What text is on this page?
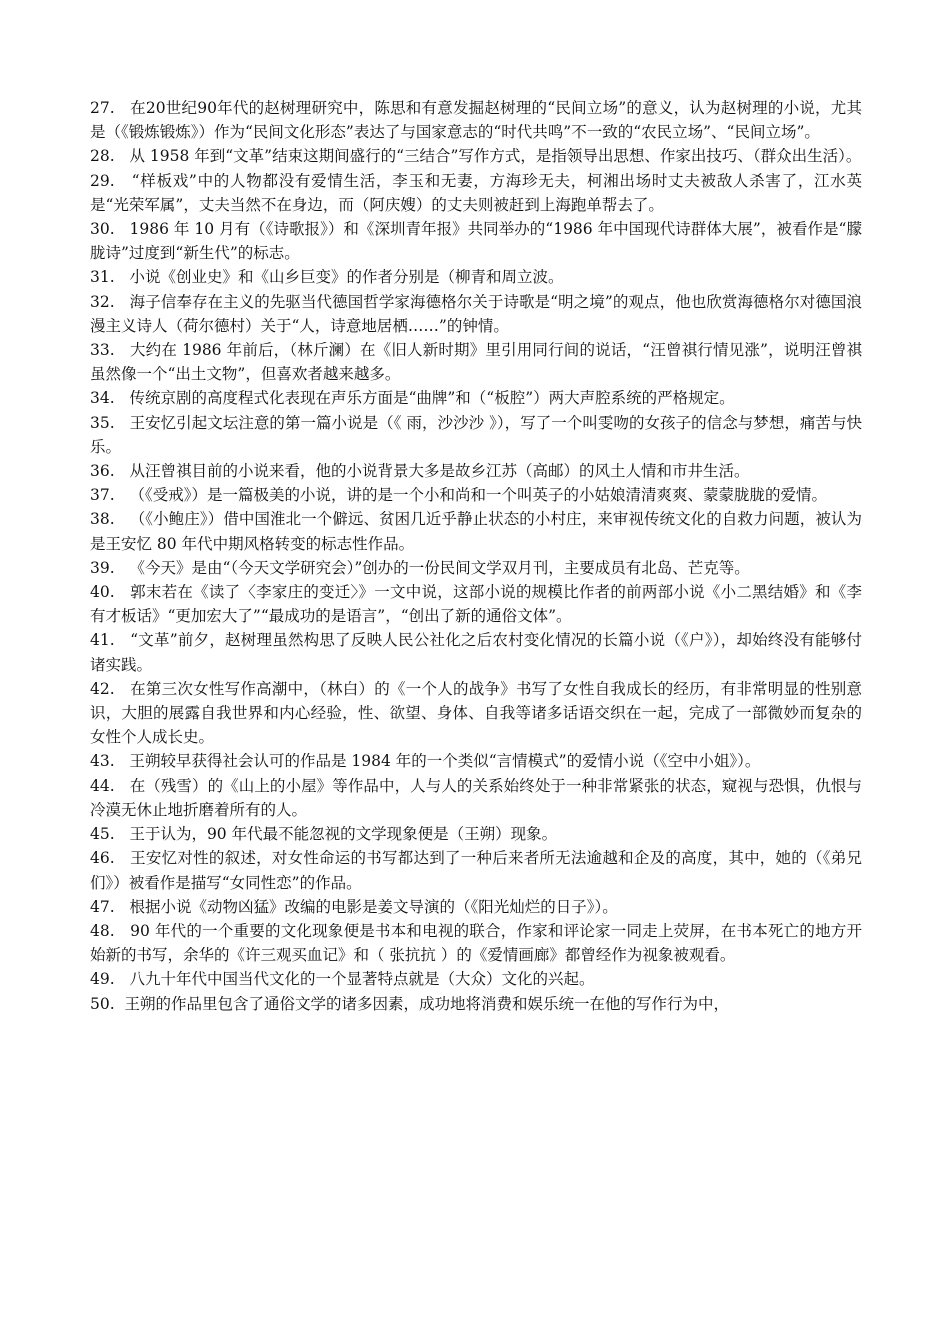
27. 在20世纪90年代的赵树理研究中，陈思和有意发掘赵树理的“民间立场”的意义，认为赵树理的小说，尤其是（《锻炼锻炼》）作为“民间文化形态”表达了与国家意志的“时代共鸣”不一致的“农民立场”、“民间立场”。

28. 从 1958 年到“文革”结束这期间盛行的“三结合”写作方式，是指领导出思想、作家出技巧、（群众出生活）。

29. “样板戏”中的人物都没有爱情生活，李玉和无妻，方海珍无夫，柯湘出场时丈夫被敌人杀害了，江水英是“光荣军属”，丈夫当然不在身边，而（阿庆嫂）的丈夫则被赶到上海跑单帮去了。

30. 1986 年 10 月有（《诗歌报》）和《深圳青年报》共同举办的“1986 年中国现代诗群体大展”，被看作是“朦胧诗”过度到“新生代”的标志。

31. 小说《创业史》和《山乡巨变》的作者分别是（柳青和周立波。

32. 海子信奉存在主义的先驱当代德国哲学家海德格尔关于诗歌是“明之境”的观点，他也欣赏海德格尔对德国浪漫主义诗人（荷尔德村）关于“人，诗意地居栖……”的钟情。

33. 大约在 1986 年前后，（林斤澜）在《旧人新时期》里引用同行间的说话，“汪曾祺行情见涨”，说明汪曾祺虽然像一个“出土文物”，但喜欢者越来越多。

34. 传统京剧的高度程式化表现在声乐方面是“曲牌”和（“板腔”）两大声腔系统的严格规定。

35. 王安忆引起文坛注意的第一篇小说是（《 雨，沙沙沙 》），写了一个叫雯吻的女孩子的信念与梦想，痛苦与快乐。

36. 从汪曾祺目前的小说来看，他的小说背景大多是故乡江苏（高邮）的风土人情和市井生活。

37. （《受戒》）是一篇极美的小说，讲的是一个小和尚和一个叫英子的小姑娘清清爽爽、蒙蒙胧胧的爱情。

38. （《小鲍庄》）借中国淮北一个僻远、贫困几近乎静止状态的小村庄，来审视传统文化的自救力问题，被认为是王安忆 80 年代中期风格转变的标志性作品。

39. 《今天》是由“（今天文学研究会）”创办的一份民间文学双月刊，主要成员有北岛、芒克等。

40. 郭末若在《读了〈李家庄的变迁〉》一文中说，这部小说的规模比作者的前两部小说《小二黑结婚》和《李有才板话》“更加宏大了”“最成功的是语言”，“创出了新的通俗文体”。

41. “文革”前夕，赵树理虽然构思了反映人民公社化之后农村变化情况的长篇小说（《户》），却始终没有能够付诸实践。

42. 在第三次女性写作高潮中，（林白）的《一个人的战争》书写了女性自我成长的经历，有非常明显的性别意识，大胆的展露自我世界和内心经验，性、欲望、身体、自我等诸多话语交织在一起，完成了一部微妙而复杂的女性个人成长史。

43. 王朔较早获得社会认可的作品是 1984 年的一个类似“言情模式”的爱情小说（《空中小姐》）。

44. 在（残雪）的《山上的小屋》等作品中，人与人的关系始终处于一种非常紧张的状态，窥视与恐惧，仇恨与冷漠无休止地折磨着所有的人。

45. 王于认为，90 年代最不能忽视的文学现象便是（王朔）现象。

46. 王安忆对性的叙述，对女性命运的书写都达到了一种后来者所无法逾越和企及的高度，其中，她的（《弟兄们》）被看作是描写“女同性恋”的作品。

47. 根据小说《动物凶猛》改编的电影是姜文导演的（《阳光灿烂的日子》）。

48. 90 年代的一个重要的文化现象便是书本和电视的联合，作家和评论家一同走上荧屏，在书本死亡的地方开始新的书写，余华的《许三观买血记》和（ 张抗抗 ）的《爱情画廊》都曾经作为视象被观看。

49. 八九十年代中国当代文化的一个显著特点就是（大众）文化的兴起。

50. 王朔的作品里包含了通俗文学的诸多因素，成功地将消费和娱乐统一在他的写作行为中，
